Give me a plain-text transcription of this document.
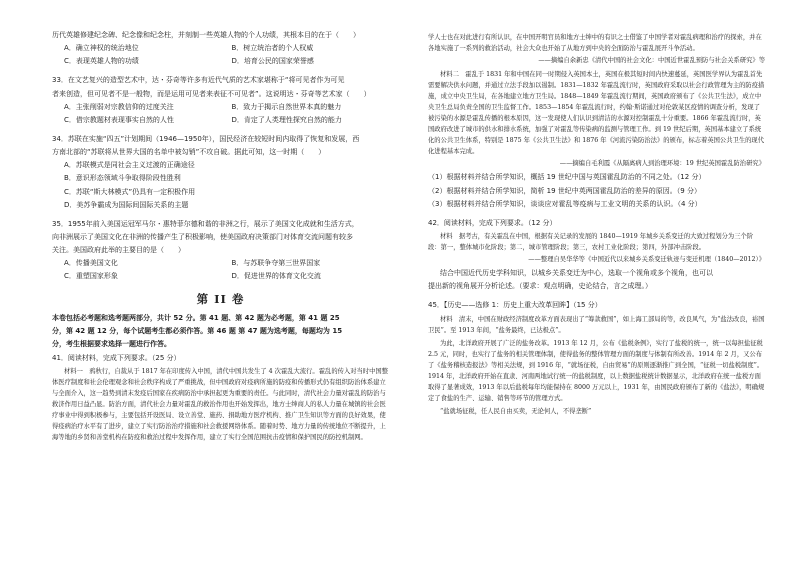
历代英雄修建纪念碑、纪念像和纪念柱，并刻制一些英雄人物的个人功绩，其根本目的在于（　　）

A．确立神权的统治地位	B．树立统治者的个人权威
C．表现英雄人物的功绩	D．培育公民的国家荣誉感

33．在文艺复兴的造型艺术中，达・芬奇等许多有近代气质的艺术家堪称于“将可见者作为可见

者来创造，但可见者不是一般物，而是运用可见者来表征不可见者”。这说明达・芬奇等艺术家（　　）

A．主张削弱对宗教信仰的过度关注	B．致力于揭示自然世界本真的魅力
C．借宗教题材表现事实自然的人性	D．肯定了人类理性探究自然的能力

34．苏联在实施“四五”计划期间（1946—1950年），国民经济在较短时间内取得了恢复和发展，西

方南北部的“苏联将从世界大国的名单中被勾销”不攻自破。据此可知，这一时期（　　）

A．苏联模式是同社会主义过渡的正确途径
B．意识形态领域斗争取得阶段性胜利
C．苏联“斯大林模式”仍具有一定积极作用
D．美苏争霸成为国际间国际关系的主题

35．1955年前入美国运冠军马尔・惠特菲尔德和谐的非洲之行，展示了美国文化成就和生活方式，

向非洲展示了美国文化在非洲的传播产生了积极影响，使美国政府决策部门对体育交流问题有较多

关注。美国政府此举的主要目的是（　　）

A．传播美国文化	B．与苏联争夺第三世界国家
C．重塑国家形象	D．促进世界的体育文化交流
第 II 卷

本卷包括必考题和选考题两部分，共计 52 分。第 41 题、第 42 题为必考题，第 41 题 25

分，第 42 题 12 分，每个试题考生都必须作答。第 46 题 第 47 题为选考题，每题均为 15

分，考生根据要求选择一题进行作答。

41．阅读材料，完成下列要求。（25 分）

材料一　鸦秋行，自裁从于 1817 年在印度传入中国，清代中国共发生了 4 次霍乱大流行。霍乱的传入对当时中国整体医疗制度和社会伦理观念和社会秩序构成了严重挑战，但中国政府对疫病所施的防疫和传播形式仍有组织防治体系建立与全面介入，这一趋势到清末发疫后国家在疾病防治中承担起更为重要的责任。与此同时，清代社会力量对霍乱的防治与救济作用日益凸显。防治方面，清代社会力量对霍乱的救治作用也开始发挥出，地方士绅商人的私人力量在城镇的社会医疗事业中得到积极参与，主要包括开设医局、设立善堂、施药、捐助地方医疗机构、推广卫生知识等方面的良好效果，使得疫病治疗水平有了进步，建立了实行防治治疗措施和社会救援网络体系。随着时势、地方力量的传统地位不断提升，上海等地的乡贤和善堂机构在防疫和救治过程中发挥作用，建立了实行全国范围抗击疫情和保护国民的防控机制网。

学人士也在对此进行有所认识，在中国开明官员和地方士绅中的有识之士借鉴了中国学者对霍乱病理和治疗的探索，并在各地实施了一系列的救治活动，社会大众也开始了从地方到中央的全面防治与霍乱展开斗争活动。

——摘编自余新忠《清代中国的社会文化：中国近世霍乱预防与社会关系研究》等

材料二　霍乱于 1831 年和中国在同一时期侵入英国本土，英国在极其短时间内快速蔓延，英国医学界认为霍乱首先需要解决供水问题，并通过立法手段加以遏制。1831—1832 年霍乱流行时，英国政府采取以社会行政管理为主的防疫措施，成立中央卫生局，在各地建立地方卫生局。1848—1849 年霍乱流行期间，英国政府颁布了《公共卫生法》，成立中央卫生总局负责全国的卫生监督工作。1853—1854 年霍乱流行时，约翰·斯诺通过对伦敦某区疫情的调查分析，发现了被污染的水源是霍乱传播的根本原因，这一发现使人们认识到清洁的水源对控制霍乱十分重要。1866 年霍乱流行时，英国政府改进了城市的供水和排水系统，加强了对霍乱等传染病的监测与管理工作。到 19 世纪后期，英国基本建立了系统化的公共卫生体系，特别是 1875 年《公共卫生法》和 1876 年《河流污染防治法》的颁布，标志着英国公共卫生的现代化进程基本完成。

——摘编自毛利霞《从隔离病人到治理环境：19 世纪英国霍乱防治研究》

（1）根据材料并结合所学知识，概括 19 世纪中国与英国霍乱防治的不同之处。（12 分）

（2）根据材料并结合所学知识，简析 19 世纪中英两国霍乱防治的差异的原因。（9 分）

（3）根据材料并结合所学知识，谈谈应对霍乱等疫病与工业文明的关系的认识。（4 分）

42．阅读材料，完成下列要求。（12 分）

材料　据考古，有关霍乱在中国，根据有关记录的发展的 1840—1919 年城乡关系变迁的大致过程划分为三个阶段：第一，整体城市化阶段；第二，城市管理阶段；第三，农村工业化阶段；第四，外部冲击阶段。

——整理自吴华华等《中国近代以来城乡关系变迁轨迹与变迁机理（1840—2012）》

结合中国近代历史学科知识，以城乡关系变迁为中心，选取一个视角或多个视角，也可以

提出新的视角展开分析论述。（要求：观点明确，史论结合，言之成理。）

45．【历史——选修 1：历史上重大改革回眸】（15 分）

材料　清末，中国在财政经济制度改革方面表现出了“筹款救国”，如上海工部局的等，改良风气，为“盐法改良，裕国卫民”。至 1913 年间，“盐务最终，已达极点”。

为此，北洋政府开展了广泛的盐务改革。1913 年 12 月，公布《盐税条例》，实行了盐税的统一，统一以每担盐征税 2.5 元，同时，也实行了盐务的相关管理体制，使得盐务的整体管理方面的制度与体制有所改善。1914 年 2 月，又公布了《盐务稽核造报法》等相关法规，到 1916 年，“就场征税，自由贸易”的原则逐渐推广到全国，“征税一切盐税制度”。1914 年，北洋政府开始在直隶、河南两地试行统一的盐税制度，以上数据盐税统计数据显示，北洋政府在统一盐税方面取得了显著成效，1913 年以后盐税每年均能保持在 8000 万元以上，1931 年，由国民政府颁布了新的《盐法》，明确规定了食盐的生产、运输、销售等环节的管理方式。

“盐就场征税，任人民自由买卖，无论何人，不得垄断”
